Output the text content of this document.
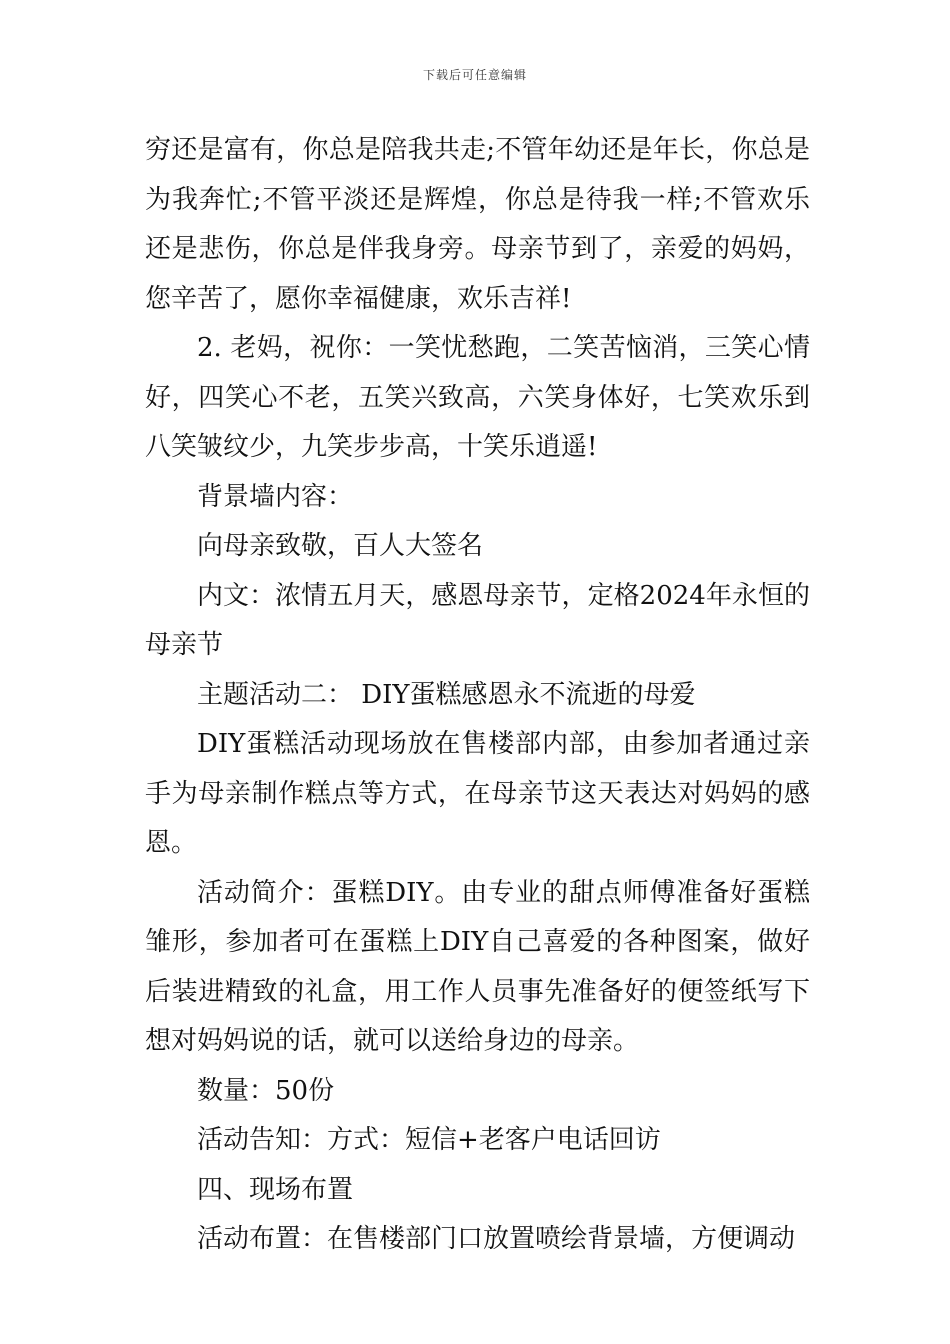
下载后可任意编辑

穷还是富有，你总是陪我共走;不管年幼还是年长，你总是为我奔忙;不管平淡还是辉煌，你总是待我一样;不管欢乐还是悲伤，你总是伴我身旁。母亲节到了，亲爱的妈妈，您辛苦了，愿你幸福健康，欢乐吉祥!

2. 老妈，祝你：一笑忧愁跑，二笑苦恼消，三笑心情好，四笑心不老，五笑兴致高，六笑身体好，七笑欢乐到八笑皱纹少，九笑步步高，十笑乐逍遥!

背景墙内容：

向母亲致敬，百人大签名

内文：浓情五月天，感恩母亲节，定格2024年永恒的母亲节

主题活动二： DIY蛋糕感恩永不流逝的母爱

DIY蛋糕活动现场放在售楼部内部，由参加者通过亲手为母亲制作糕点等方式，在母亲节这天表达对妈妈的感恩。

活动简介：蛋糕DIY。由专业的甜点师傅准备好蛋糕雏形，参加者可在蛋糕上DIY自己喜爱的各种图案，做好后装进精致的礼盒，用工作人员事先准备好的便签纸写下想对妈妈说的话，就可以送给身边的母亲。

数量：50份

活动告知：方式：短信+老客户电话回访

四、现场布置

活动布置：在售楼部门口放置喷绘背景墙，方便调动
